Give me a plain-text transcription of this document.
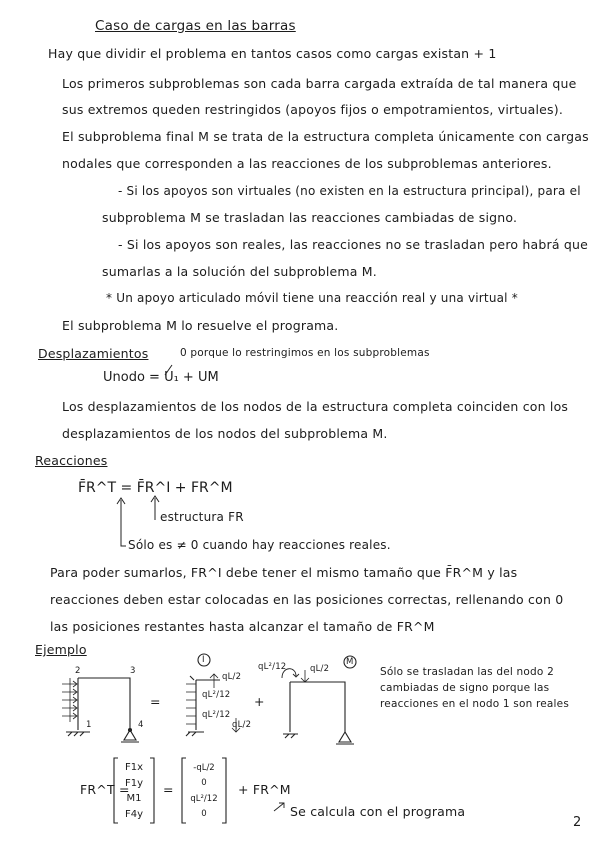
Caso de cargas en las barras
Hay que dividir el problema en tantos casos como cargas existan + 1
Los primeros subproblemas son cada barra cargada extraída de tal manera que
sus extremos queden restringidos (apoyos fijos o empotramientos, virtuales).
El subproblema final M se trata de la estructura completa únicamente con cargas
nodales que corresponden a las reacciones de los subproblemas anteriores.
- Si los apoyos son virtuales (no existen en la estructura principal), para el
subproblema M se trasladan las reacciones cambiadas de signo.
- Si los apoyos son reales, las reacciones no se trasladan pero habrá que
sumarlas a la solución del subproblema M.
* Un apoyo articulado móvil tiene una reacción real y una virtual *
El subproblema M lo resuelve el programa.
Desplazamientos	0 porque lo restringimos en los subproblemas
Unodo = U₁ + UM
Los desplazamientos de los nodos de la estructura completa coinciden con los
desplazamientos de los nodos del subproblema M.
Reacciones
F̄R^T = F̄R^I + FR^M
estructura FR
Sólo es ≠ 0 cuando hay reacciones reales.
Para poder sumarlos, FR^I debe tener el mismo tamaño que F̄R^M y las
reacciones deben estar colocadas en las posiciones correctas, rellenando con 0
las posiciones restantes hasta alcanzar el tamaño de FR^M
Ejemplo
2	3
1	4
=
I	M
+
qL/2
qL²/12
qL²/12
qL/2
qL²/12	qL/2	Sólo se trasladan las del nodo 2
cambiadas de signo porque las
reacciones en el nodo 1 son reales
FR^T =
F1x
F1y
M1
F4y
=
-qL/2
0
qL²/12
0
+ FR^M
Se calcula con el programa
2
